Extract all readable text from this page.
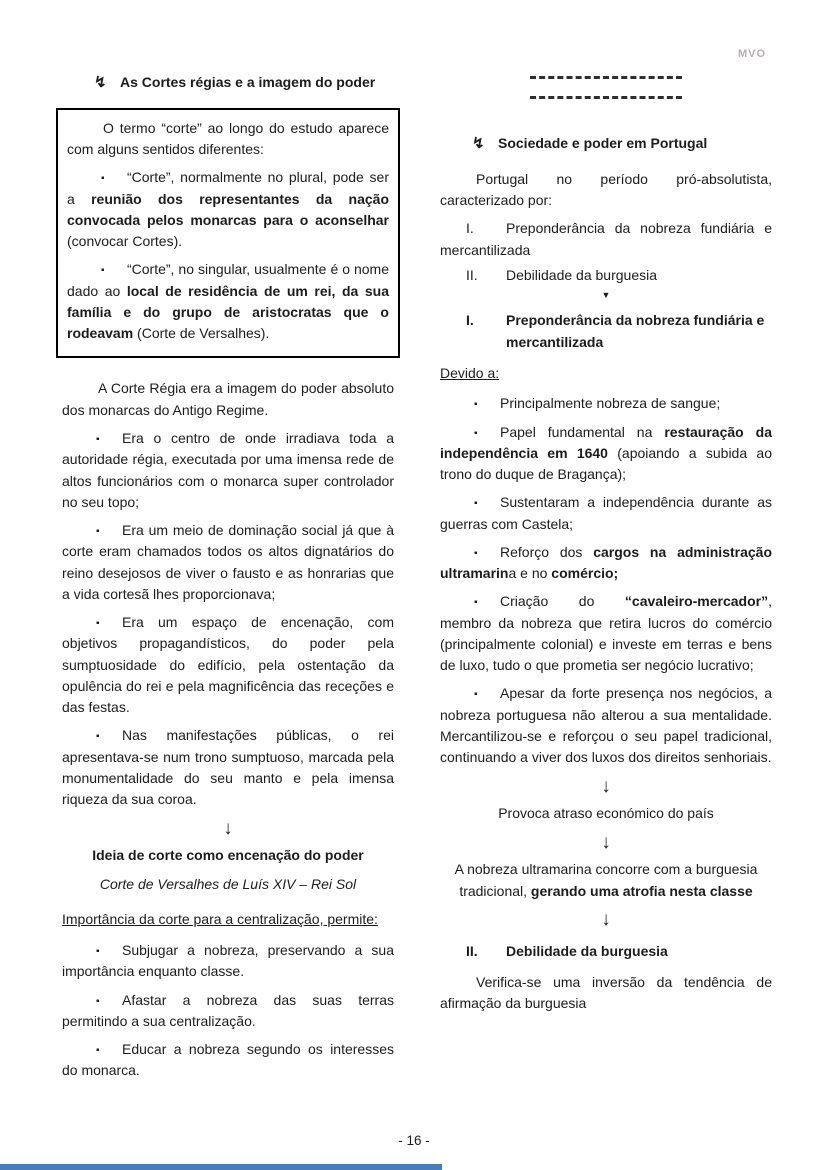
MVO
↯ As Cortes régias e a imagem do poder

O termo “corte” ao longo do estudo aparece com alguns sentidos diferentes:

▪ “Corte”, normalmente no plural, pode ser a reunião dos representantes da nação convocada pelos monarcas para o aconselhar (convocar Cortes).

▪ “Corte”, no singular, usualmente é o nome dado ao local de residência de um rei, da sua família e do grupo de aristocratas que o rodeavam (Corte de Versalhes).

A Corte Régia era a imagem do poder absoluto dos monarcas do Antigo Regime.

▪ Era o centro de onde irradiava toda a autoridade régia, executada por uma imensa rede de altos funcionários com o monarca super controlador no seu topo;

▪ Era um meio de dominação social já que à corte eram chamados todos os altos dignatários do reino desejosos de viver o fausto e as honrarias que a vida cortesã lhes proporcionava;

▪ Era um espaço de encenação, com objetivos propagandísticos, do poder pela sumptuosidade do edifício, pela ostentação da opulência do rei e pela magnificência das receções e das festas.

▪ Nas manifestações públicas, o rei apresentava-se num trono sumptuoso, marcada pela monumentalidade do seu manto e pela imensa riqueza da sua coroa.

↓

Ideia de corte como encenação do poder

Corte de Versalhes de Luís XIV – Rei Sol

Importância da corte para a centralização, permite:

▪ Subjugar a nobreza, preservando a sua importância enquanto classe.

▪ Afastar a nobreza das suas terras permitindo a sua centralização.

▪ Educar a nobreza segundo os interesses do monarca.

↯ Sociedade e poder em Portugal

Portugal no período pró-absolutista, caracterizado por:

I. Preponderância da nobreza fundiária e mercantilizada

II. Debilidade da burguesia

▼
I.	Preponderância da nobreza fundiária e mercantilizada

Devido a:

▪ Principalmente nobreza de sangue;

▪ Papel fundamental na restauração da independência em 1640 (apoiando a subida ao trono do duque de Bragança);

▪ Sustentaram a independência durante as guerras com Castela;

▪ Reforço dos cargos na administração ultramarina e no comércio;

▪ Criação do “cavaleiro-mercador”, membro da nobreza que retira lucros do comércio (principalmente colonial) e investe em terras e bens de luxo, tudo o que prometia ser negócio lucrativo;

▪ Apesar da forte presença nos negócios, a nobreza portuguesa não alterou a sua mentalidade. Mercantilizou-se e reforçou o seu papel tradicional, continuando a viver dos luxos dos direitos senhoriais.

↓

Provoca atraso económico do país

↓

A nobreza ultramarina concorre com a burguesia tradicional, gerando uma atrofia nesta classe

↓
II.	Debilidade da burguesia

Verifica-se uma inversão da tendência de afirmação da burguesia

- 16 -
